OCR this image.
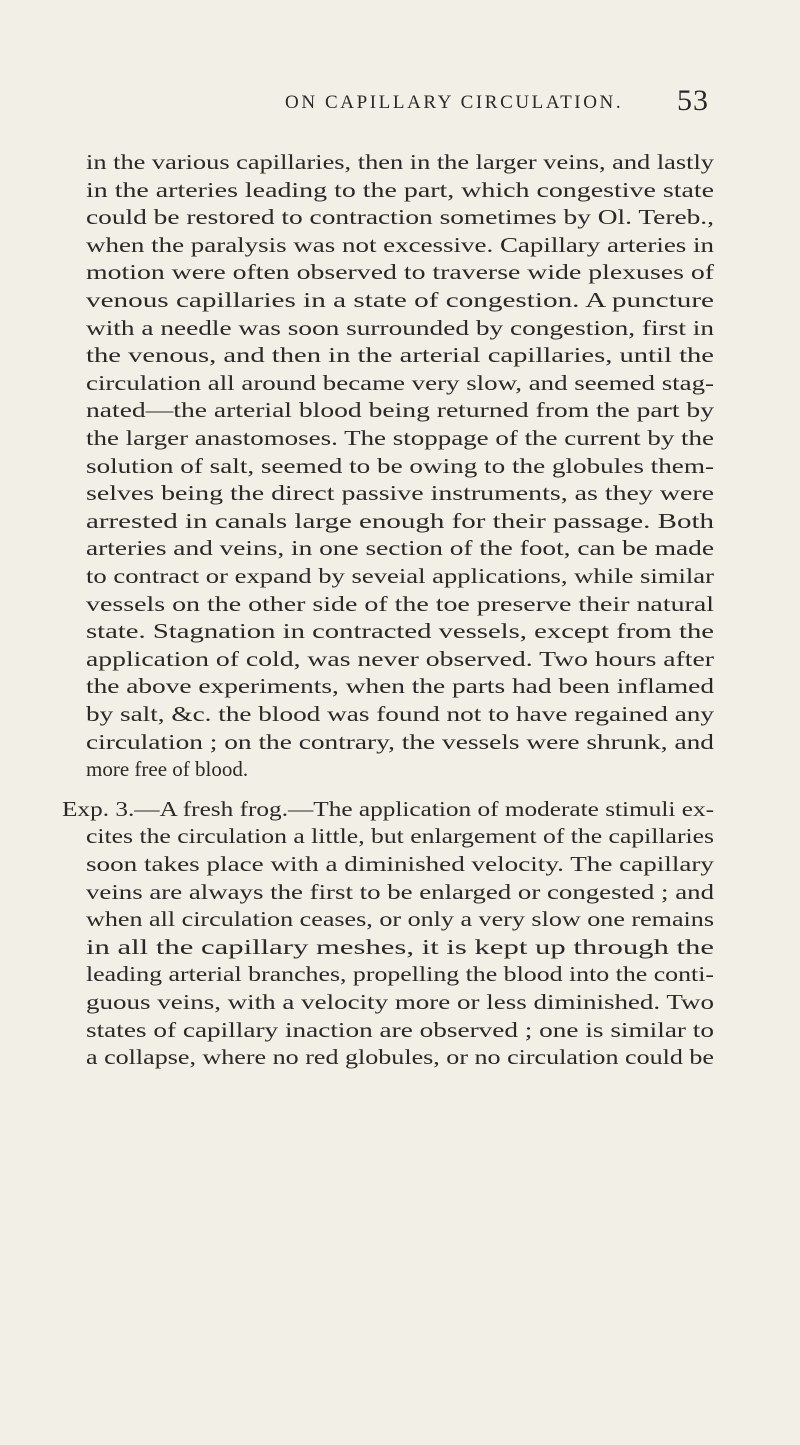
ON CAPILLARY CIRCULATION. 53
in the various capillaries, then in the larger veins, and lastly
in the arteries leading to the part, which congestive state
could be restored to contraction sometimes by Ol. Tereb.,
when the paralysis was not excessive. Capillary arteries in
motion were often observed to traverse wide plexuses of
venous capillaries in a state of congestion. A puncture
with a needle was soon surrounded by congestion, first in
the venous, and then in the arterial capillaries, until the
circulation all around became very slow, and seemed stag-
nated—the arterial blood being returned from the part by
the larger anastomoses. The stoppage of the current by the
solution of salt, seemed to be owing to the globules them-
selves being the direct passive instruments, as they were
arrested in canals large enough for their passage. Both
arteries and veins, in one section of the foot, can be made
to contract or expand by seveial applications, while similar
vessels on the other side of the toe preserve their natural
state. Stagnation in contracted vessels, except from the
application of cold, was never observed. Two hours after
the above experiments, when the parts had been inflamed
by salt, &c. the blood was found not to have regained any
circulation ; on the contrary, the vessels were shrunk, and
more free of blood.
Exp. 3.—A fresh frog.—The application of moderate stimuli ex-
cites the circulation a little, but enlargement of the capillaries
soon takes place with a diminished velocity. The capillary
veins are always the first to be enlarged or congested ; and
when all circulation ceases, or only a very slow one remains
in all the capillary meshes, it is kept up through the
leading arterial branches, propelling the blood into the conti-
guous veins, with a velocity more or less diminished. Two
states of capillary inaction are observed ; one is similar to
a collapse, where no red globules, or no circulation could be
